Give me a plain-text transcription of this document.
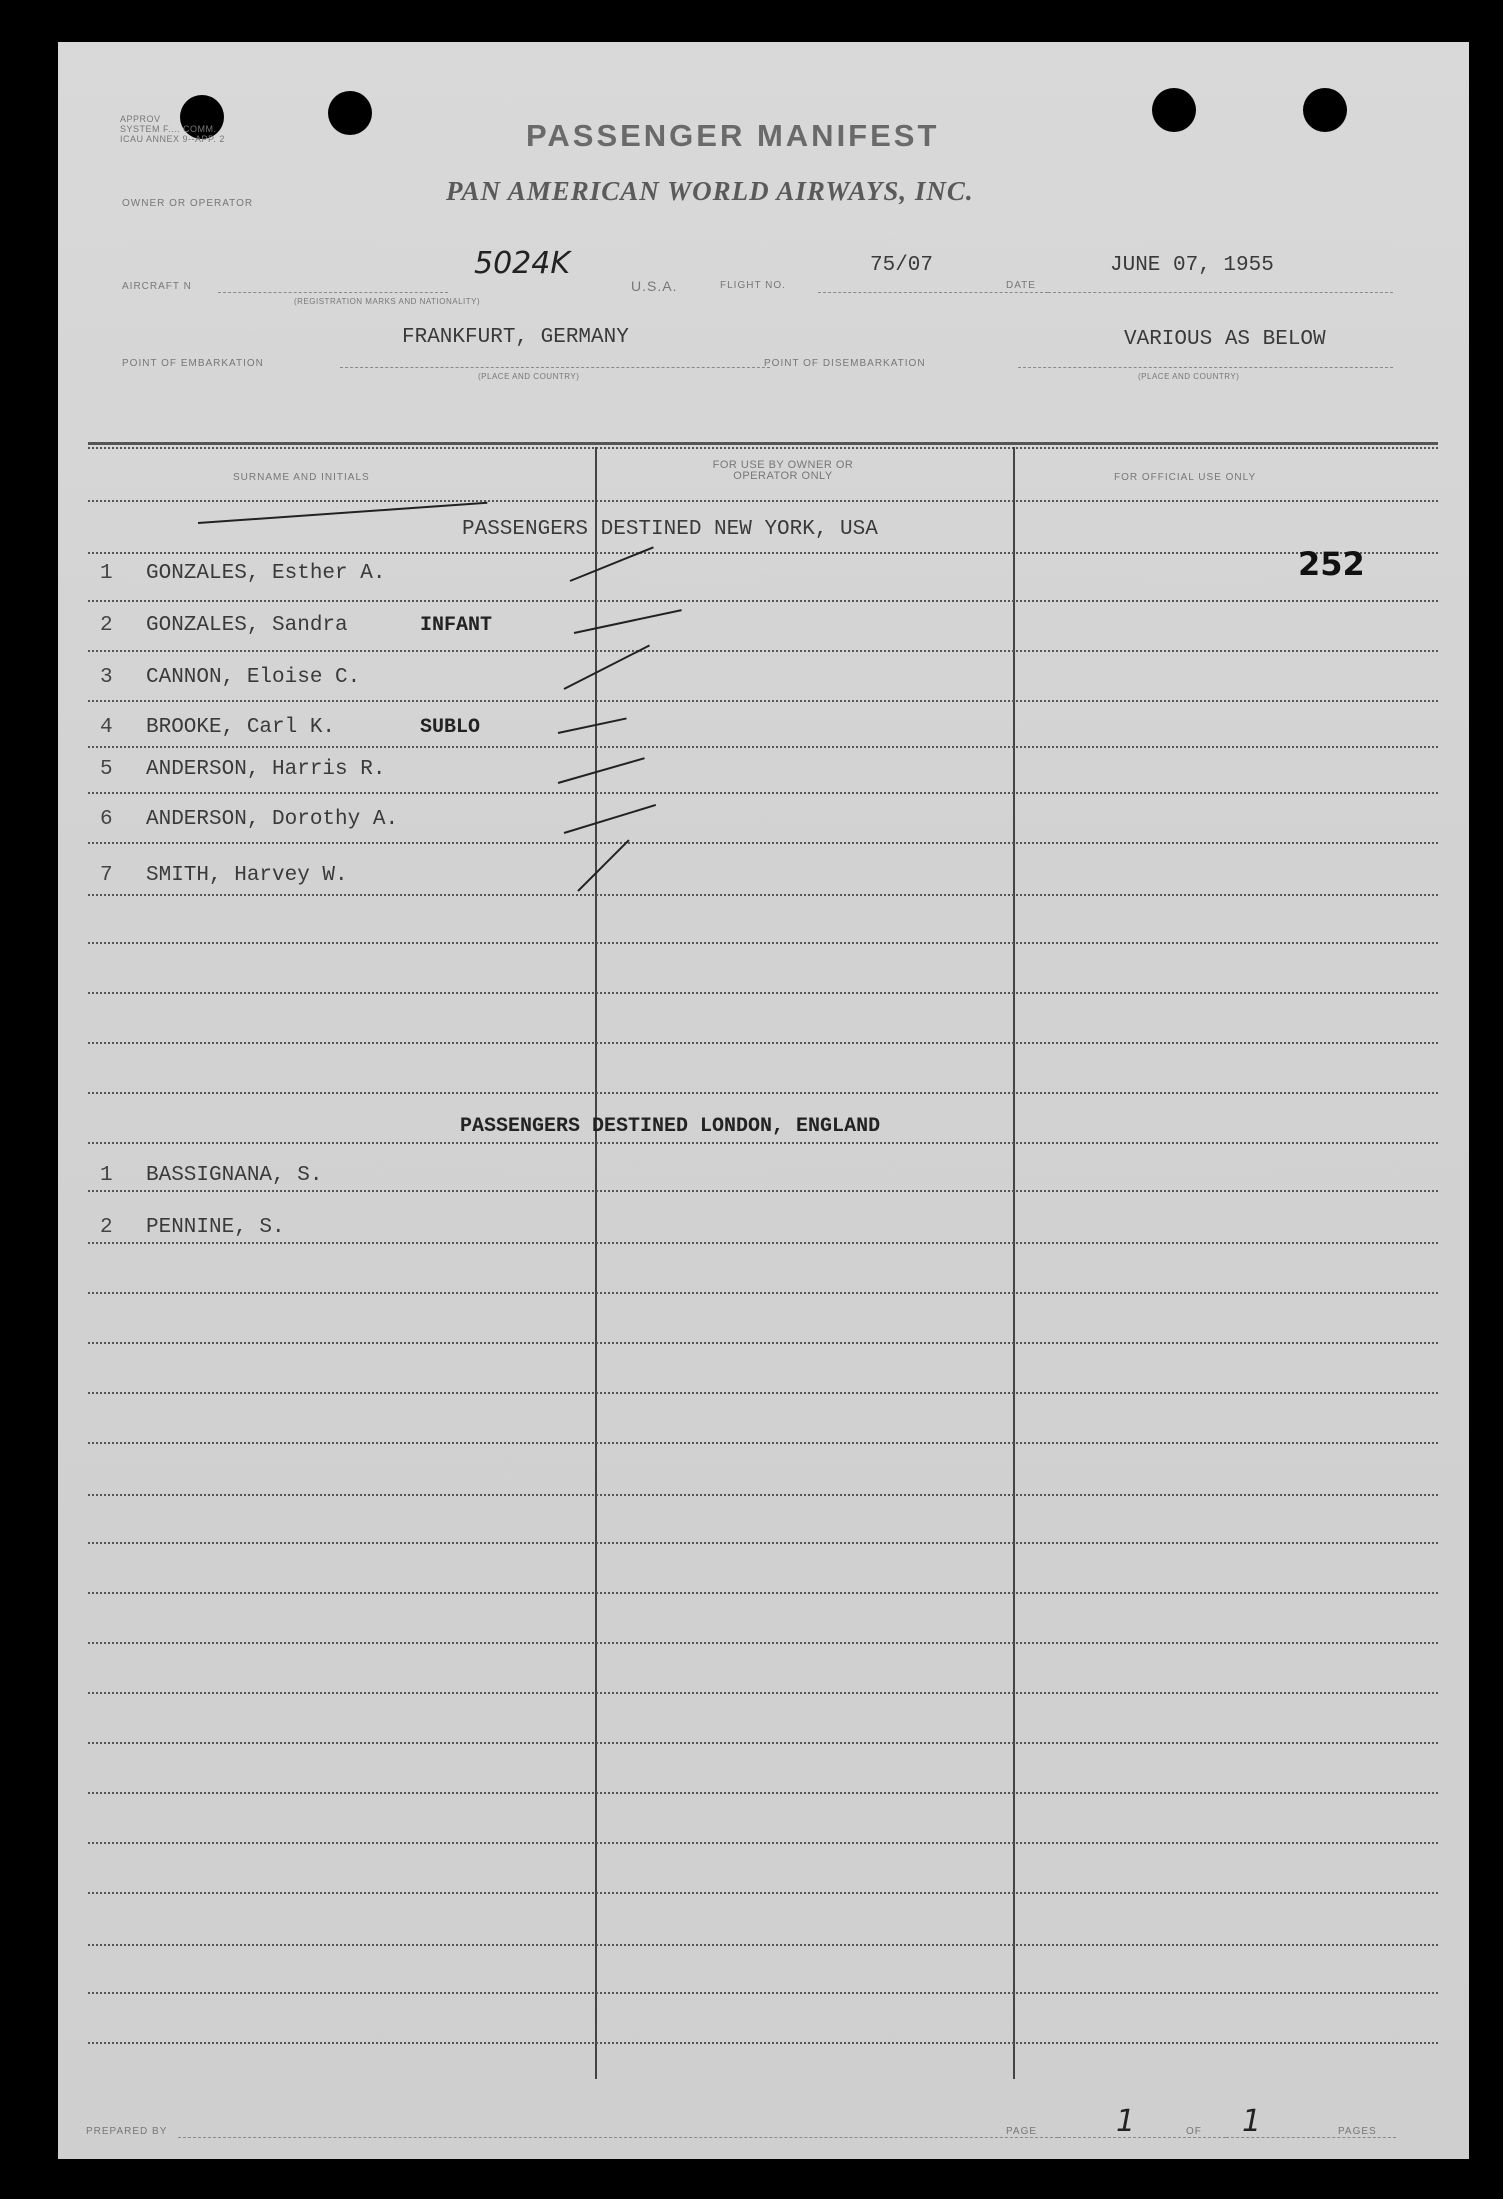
APPROV
SYSTEM F.... COMM.
ICAU ANNEX 9--APP. 2	PASSENGER MANIFEST
OWNER OR OPERATOR	PAN AMERICAN WORLD AIRWAYS, INC.
AIRCRAFT N
5024K
(REGISTRATION MARKS AND NATIONALITY)
U.S.A.	FLIGHT NO.
75/07
DATE
JUNE 07, 1955
FRANKFURT, GERMANY
POINT OF EMBARKATION
(PLACE AND COUNTRY)
POINT OF DISEMBARKATION
VARIOUS AS BELOW
(PLACE AND COUNTRY)
SURNAME AND INITIALS
FOR USE BY OWNER OR OPERATOR ONLY	FOR OFFICIAL USE ONLY
PASSENGERS DESTINED NEW YORK, USA
252
1	GONZALES, Esther A.
2	GONZALES, Sandra	INFANT
3	CANNON, Eloise C.
4	BROOKE, Carl K.	SUBLO
5	ANDERSON, Harris R.
6	ANDERSON, Dorothy A.
7	SMITH, Harvey W.
PASSENGERS DESTINED LONDON, ENGLAND
1	BASSIGNANA, S.
2	PENNINE, S.
PREPARED BY	PAGE	1	OF 1	PAGES
